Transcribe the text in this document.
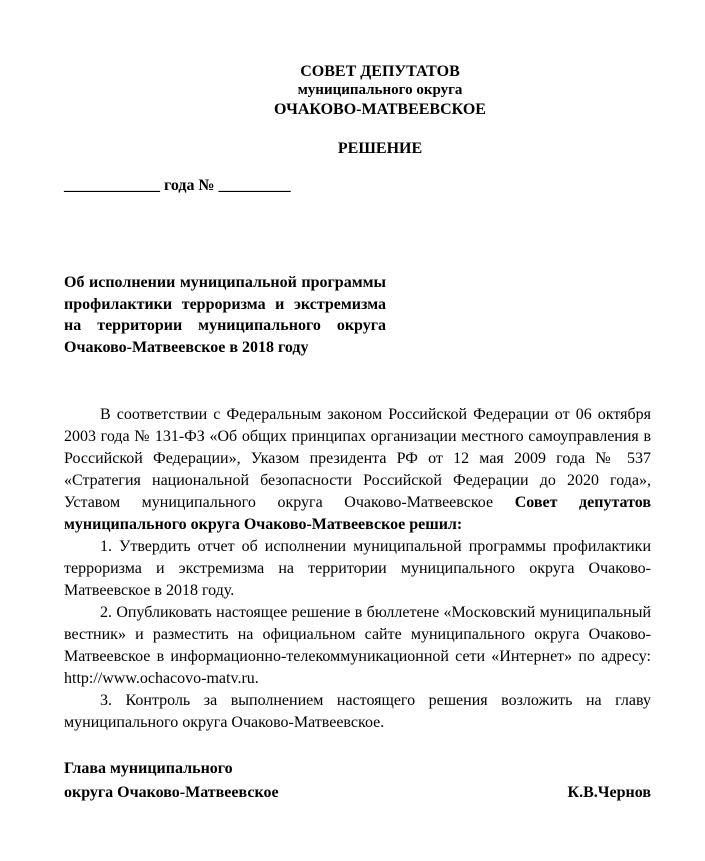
СОВЕТ ДЕПУТАТОВ
муниципального округа
ОЧАКОВО-МАТВЕЕВСКОЕ
РЕШЕНИЕ
____________ года № _________
Об исполнении муниципальной программы профилактики терроризма и экстремизма на территории муниципального округа Очаково-Матвеевское в 2018 году

В соответствии с Федеральным законом Российской Федерации от 06 октября 2003 года № 131-ФЗ «Об общих принципах организации местного самоуправления в Российской Федерации», Указом президента РФ от 12 мая 2009 года № 537 «Стратегия национальной безопасности Российской Федерации до 2020 года», Уставом муниципального округа Очаково-Матвеевское Совет депутатов муниципального округа Очаково-Матвеевское решил:

1. Утвердить отчет об исполнении муниципальной программы профилактики терроризма и экстремизма на территории муниципального округа Очаково-Матвеевское в 2018 году.

2. Опубликовать настоящее решение в бюллетене «Московский муниципальный вестник» и разместить на официальном сайте муниципального округа Очаково-Матвеевское в информационно-телекоммуникационной сети «Интернет» по адресу: http://www.ochacovo-matv.ru.

3. Контроль за выполнением настоящего решения возложить на главу муниципального округа Очаково-Матвеевское.

Глава муниципального
округа Очаково-Матвеевское	К.В.Чернов
